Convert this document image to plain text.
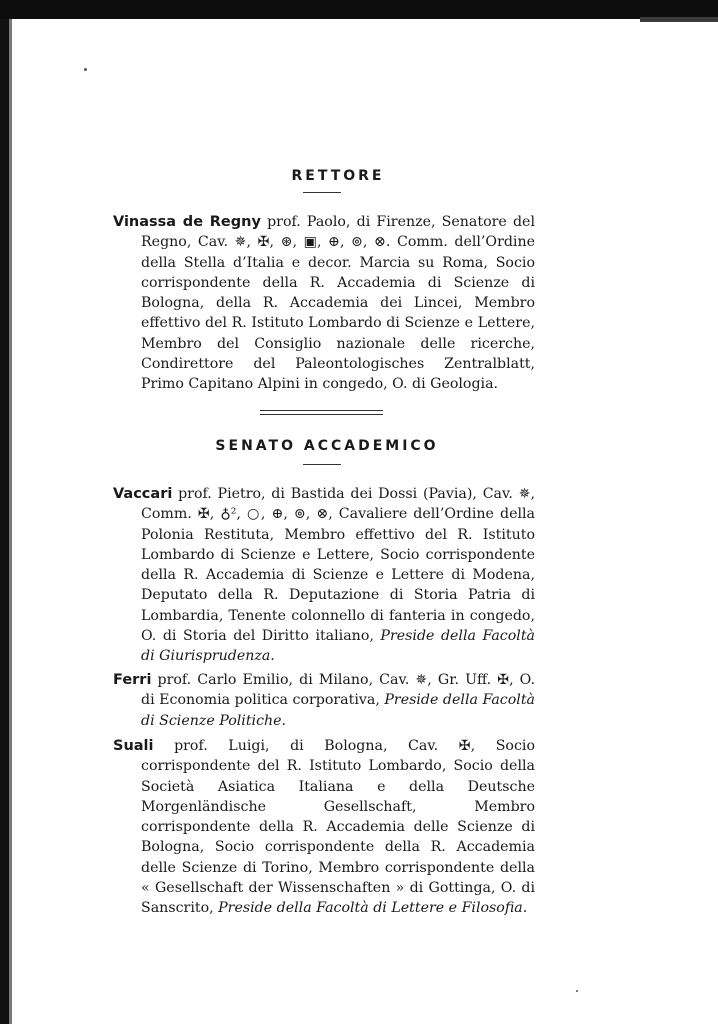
RETTORE
Vinassa de Regny prof. Paolo, di Firenze, Senatore del Regno, Cav. ✵, ✠, ⊛, ▣, ⊕, ⊚, ⊗. Comm. dell’Ordine della Stella d’Italia e decor. Marcia su Roma, Socio corrispondente della R. Accademia di Scienze di Bologna, della R. Accademia dei Lincei, Membro effettivo del R. Istituto Lombardo di Scienze e Lettere, Membro del Consiglio nazionale delle ricerche, Condirettore del Paleontologisches Zentralblatt, Primo Capitano Alpini in congedo, O. di Geologia.
SENATO ACCADEMICO
Vaccari prof. Pietro, di Bastida dei Dossi (Pavia), Cav. ✵, Comm. ✠, ♁², ○, ⊕, ⊚, ⊗, Cavaliere dell’Ordine della Polonia Restituta, Membro effettivo del R. Istituto Lombardo di Scienze e Lettere, Socio corrispondente della R. Accademia di Scienze e Lettere di Modena, Deputato della R. Deputazione di Storia Patria di Lombardia, Tenente colonnello di fanteria in congedo, O. di Storia del Diritto italiano, Preside della Facoltà di Giurisprudenza.
Ferri prof. Carlo Emilio, di Milano, Cav. ✵, Gr. Uff. ✠, O. di Economia politica corporativa, Preside della Facoltà di Scienze Politiche.
Suali prof. Luigi, di Bologna, Cav. ✠, Socio corrispondente del R. Istituto Lombardo, Socio della Società Asiatica Italiana e della Deutsche Morgenländische Gesellschaft, Membro corrispondente della R. Accademia delle Scienze di Bologna, Socio corrispondente della R. Accademia delle Scienze di Torino, Membro corrispondente della « Gesellschaft der Wissenschaften » di Gottinga, O. di Sanscrito, Preside della Facoltà di Lettere e Filosofia.
